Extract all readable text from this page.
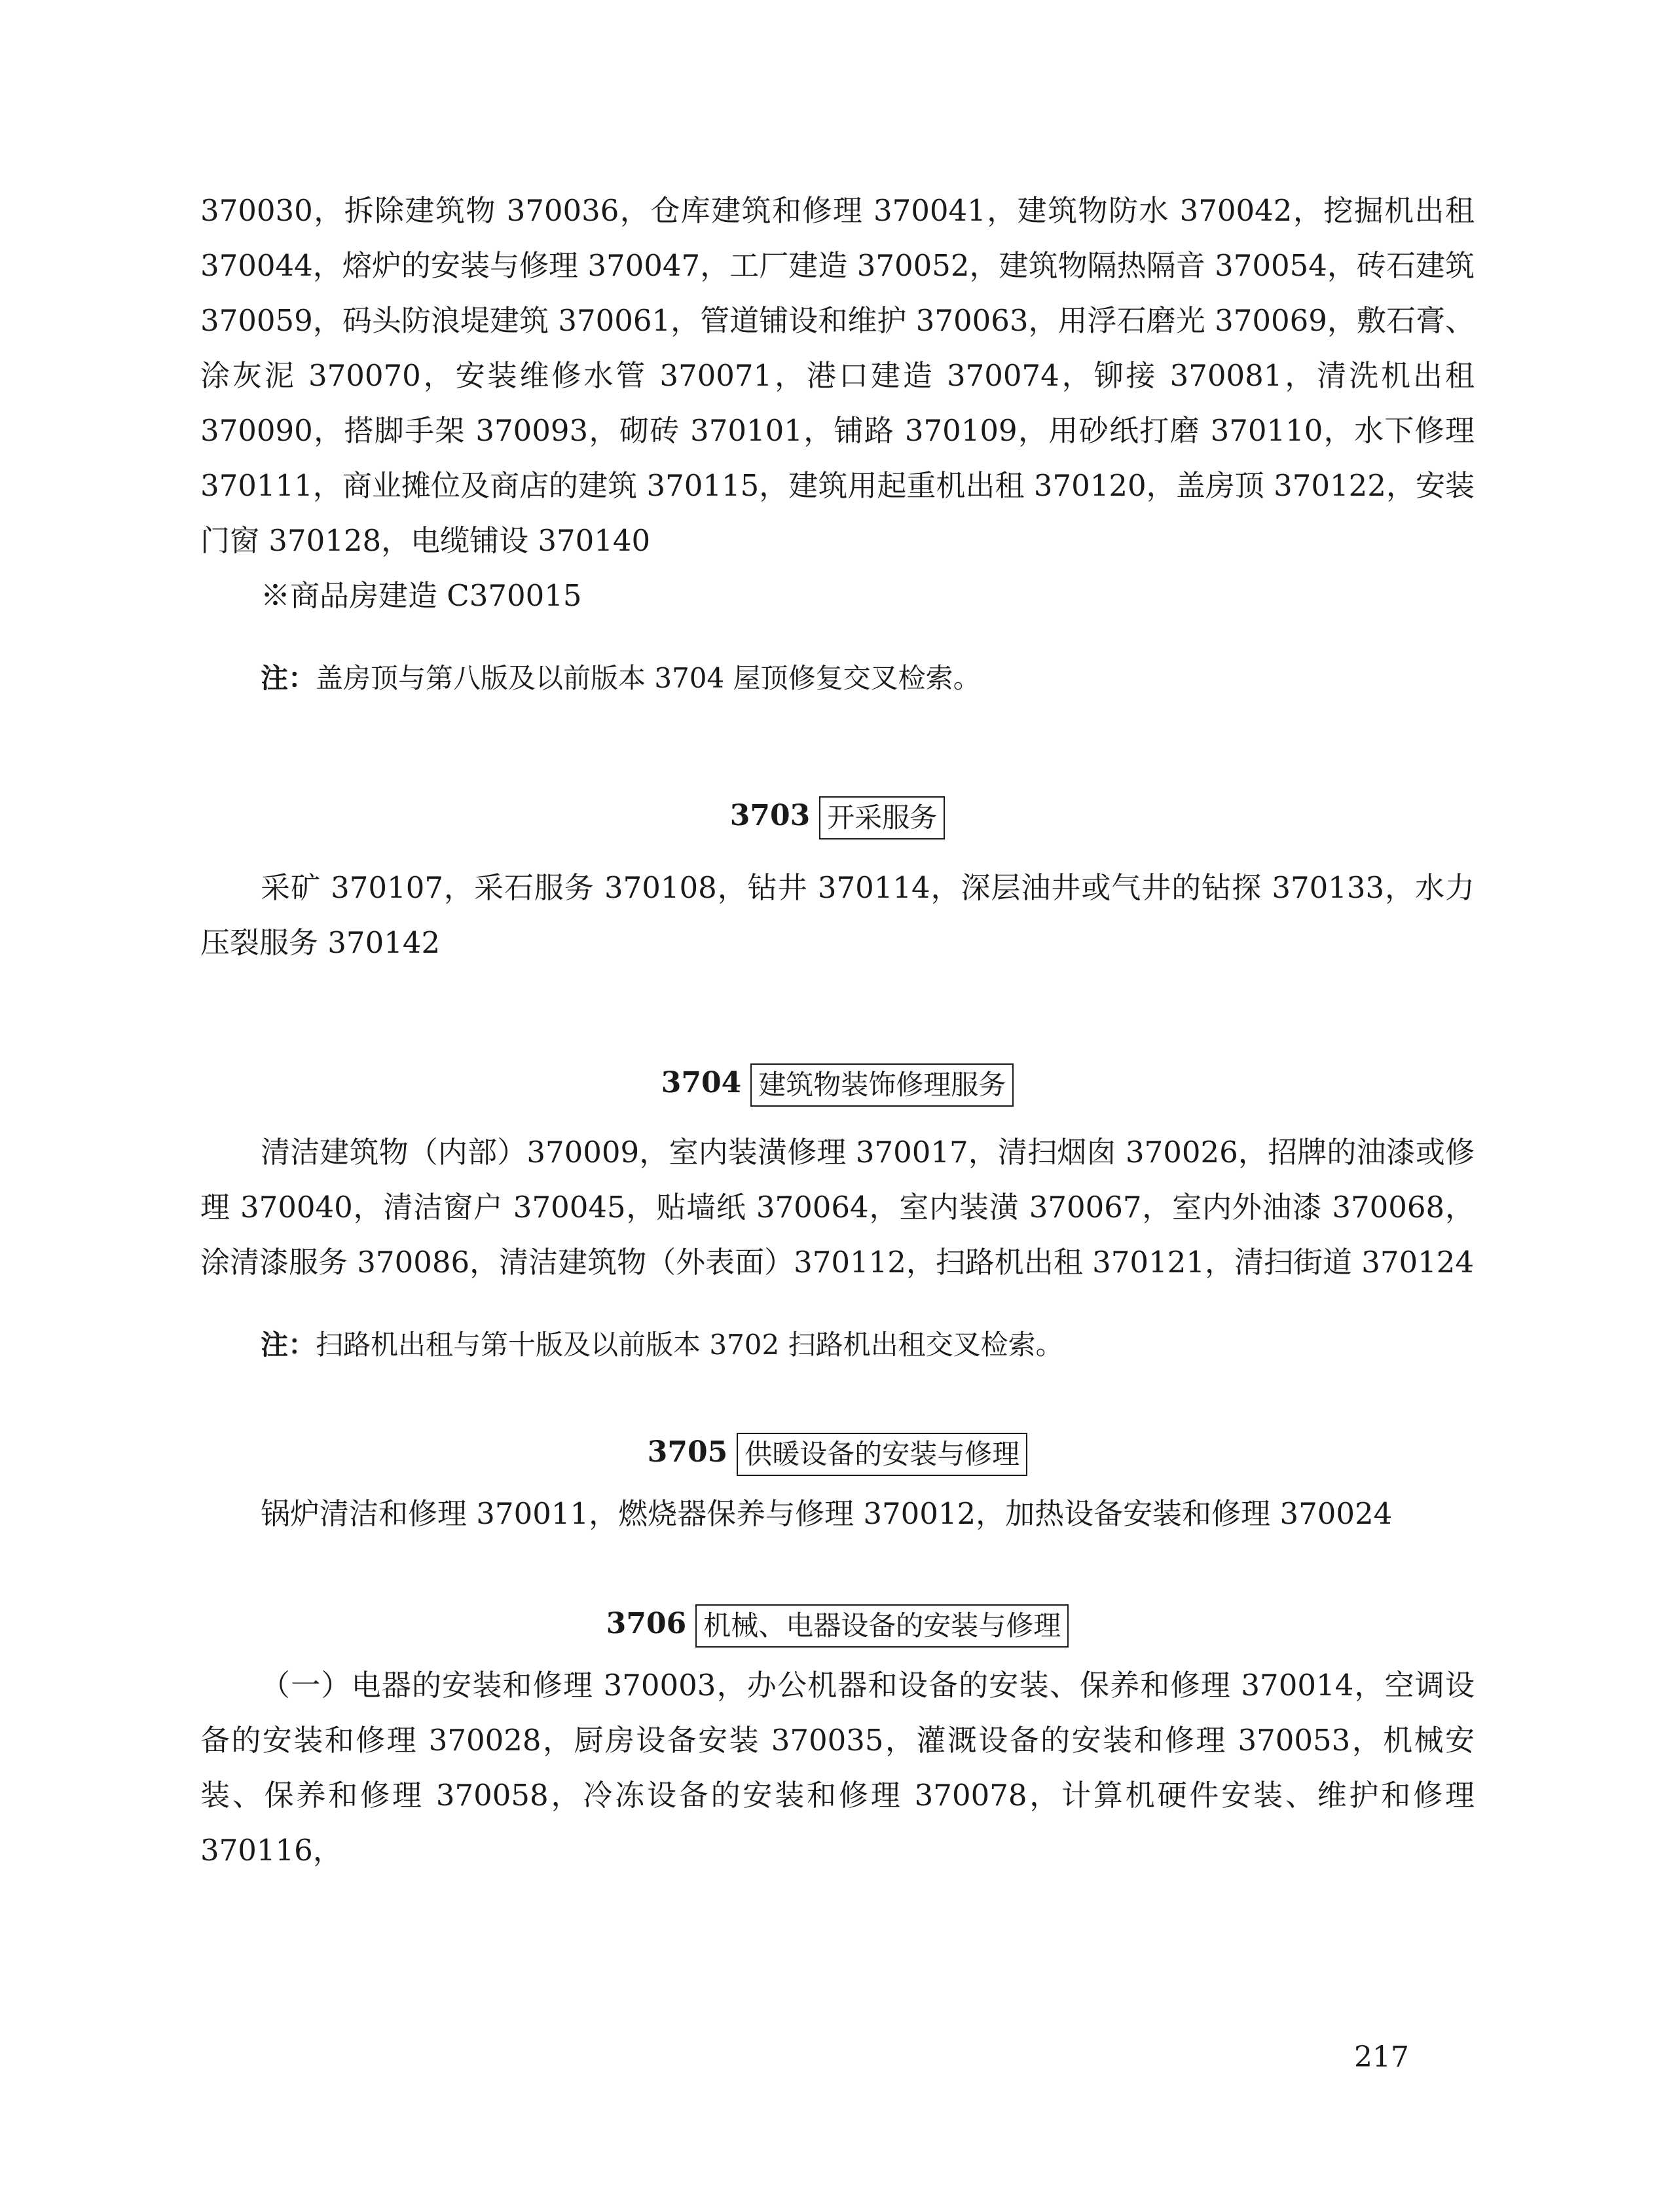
370030，拆除建筑物 370036，仓库建筑和修理 370041，建筑物防水 370042，挖掘机出租 370044，熔炉的安装与修理 370047，工厂建造 370052，建筑物隔热隔音 370054，砖石建筑 370059，码头防浪堤建筑 370061，管道铺设和维护 370063，用浮石磨光 370069，敷石膏、涂灰泥 370070，安装维修水管 370071，港口建造 370074，铆接 370081，清洗机出租 370090，搭脚手架 370093，砌砖 370101，铺路 370109，用砂纸打磨 370110，水下修理 370111，商业摊位及商店的建筑 370115，建筑用起重机出租 370120，盖房顶 370122，安装门窗 370128，电缆铺设 370140

※商品房建造 C370015

注：盖房顶与第八版及以前版本 3704 屋顶修复交叉检索。

3703 开采服务

采矿 370107，采石服务 370108，钻井 370114，深层油井或气井的钻探 370133，水力压裂服务 370142

3704 建筑物装饰修理服务

清洁建筑物（内部）370009，室内装潢修理 370017，清扫烟囱 370026，招牌的油漆或修理 370040，清洁窗户 370045，贴墙纸 370064，室内装潢 370067，室内外油漆 370068，涂清漆服务 370086，清洁建筑物（外表面）370112，扫路机出租 370121，清扫街道 370124

注：扫路机出租与第十版及以前版本 3702 扫路机出租交叉检索。

3705 供暖设备的安装与修理

锅炉清洁和修理 370011，燃烧器保养与修理 370012，加热设备安装和修理 370024

3706 机械、电器设备的安装与修理

（一）电器的安装和修理 370003，办公机器和设备的安装、保养和修理 370014，空调设备的安装和修理 370028，厨房设备安装 370035，灌溉设备的安装和修理 370053，机械安装、保养和修理 370058，冷冻设备的安装和修理 370078，计算机硬件安装、维护和修理 370116，

217
